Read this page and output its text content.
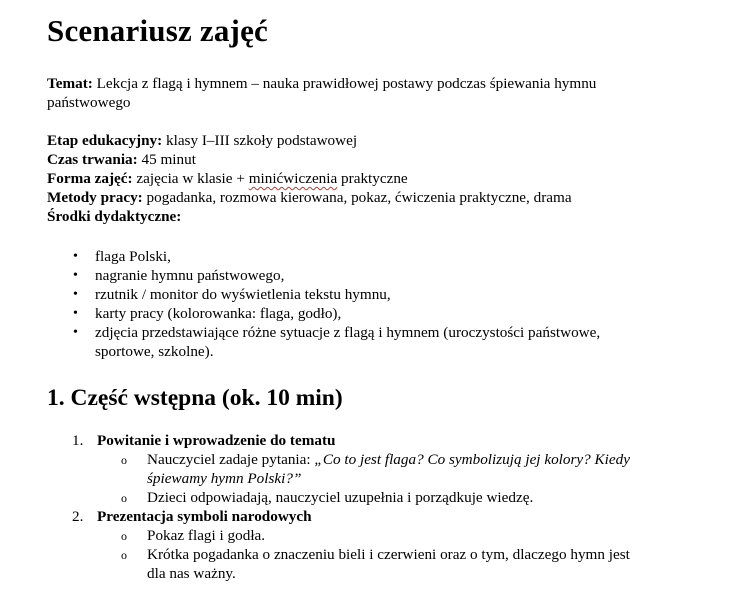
Scenariusz zajęć
Temat: Lekcja z flagą i hymnem – nauka prawidłowej postawy podczas śpiewania hymnu
państwowego
Etap edukacyjny: klasy I–III szkoły podstawowej
Czas trwania: 45 minut
Forma zajęć: zajęcia w klasie + minićwiczenia praktyczne
Metody pracy: pogadanka, rozmowa kierowana, pokaz, ćwiczenia praktyczne, drama
Środki dydaktyczne:
• flaga Polski,
• nagranie hymnu państwowego,
• rzutnik / monitor do wyświetlenia tekstu hymnu,
• karty pracy (kolorowanka: flaga, godło),
• zdjęcia przedstawiające różne sytuacje z flagą i hymnem (uroczystości państwowe,
sportowe, szkolne).
1. Część wstępna (ok. 10 min)
1. Powitanie i wprowadzenie do tematu
o Nauczyciel zadaje pytania: „Co to jest flaga? Co symbolizują jej kolory? Kiedy
śpiewamy hymn Polski?”
o Dzieci odpowiadają, nauczyciel uzupełnia i porządkuje wiedzę.
2. Prezentacja symboli narodowych
o Pokaz flagi i godła.
o Krótka pogadanka o znaczeniu bieli i czerwieni oraz o tym, dlaczego hymn jest
dla nas ważny.
